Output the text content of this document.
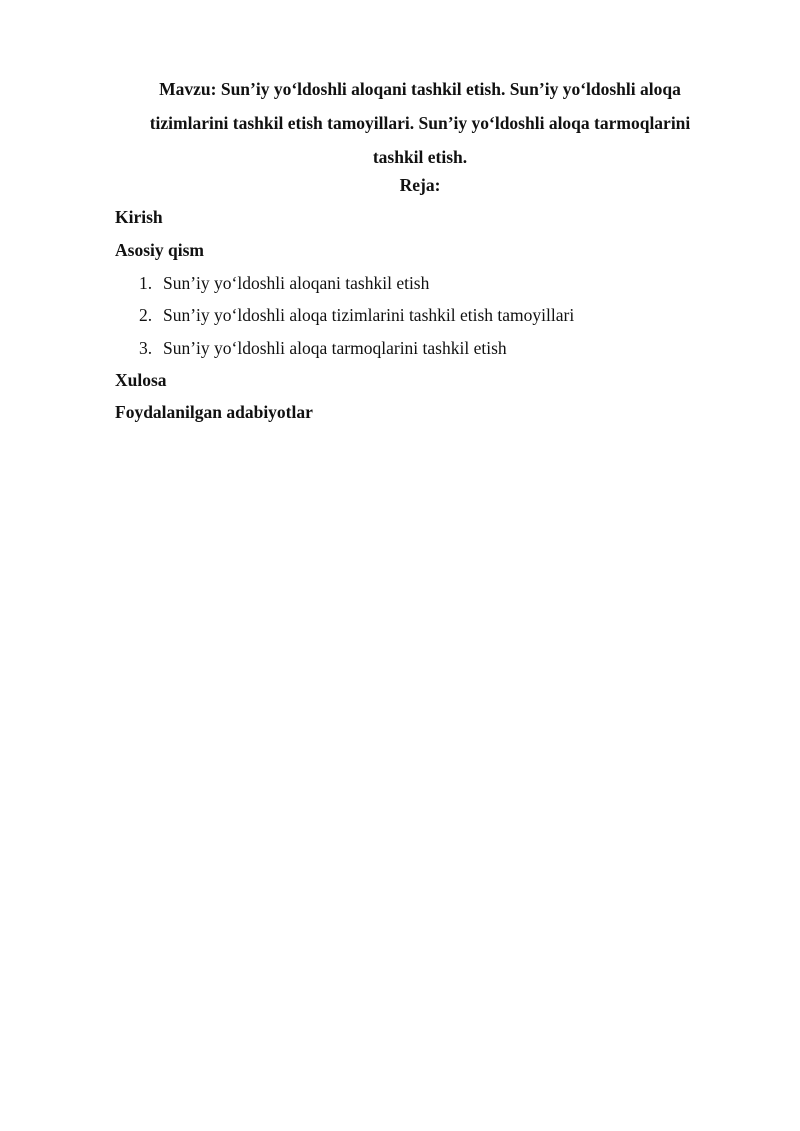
Mavzu: Sun’iy yo‘ldoshli aloqani tashkil etish. Sun’iy yo‘ldoshli aloqa
tizimlarini tashkil etish tamoyillari. Sun’iy yo‘ldoshli aloqa tarmoqlarini
tashkil etish.
Reja:
Kirish
Asosiy qism
1. Sun’iy yo‘ldoshli aloqani tashkil etish
2. Sun’iy yo‘ldoshli aloqa tizimlarini tashkil etish tamoyillari
3. Sun’iy yo‘ldoshli aloqa tarmoqlarini tashkil etish
Xulosa
Foydalanilgan adabiyotlar
